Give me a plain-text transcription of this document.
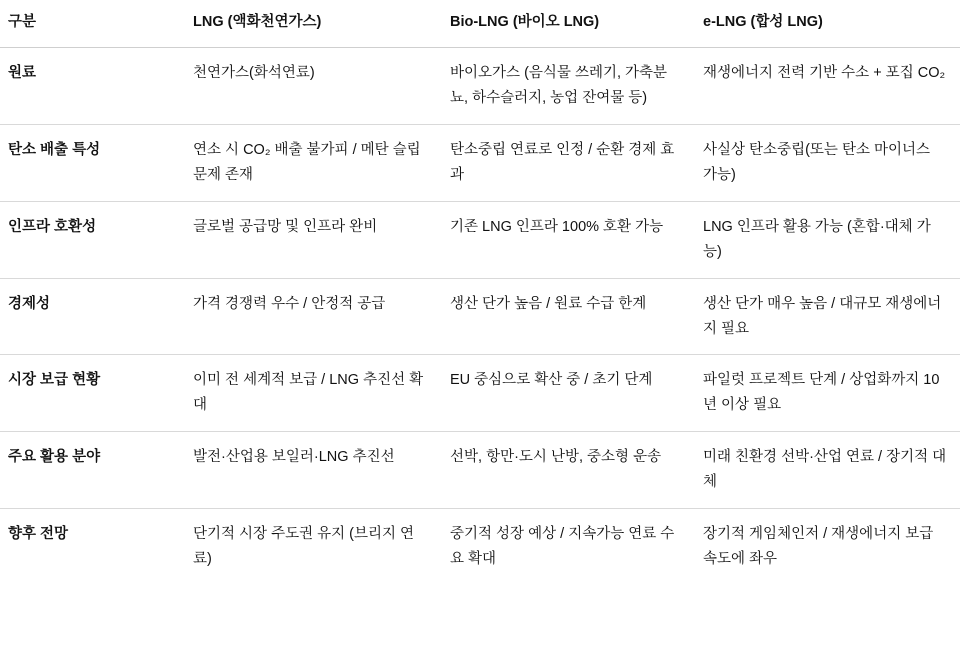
구분	LNG (액화천연가스)	Bio-LNG (바이오 LNG)	e-LNG (합성 LNG)
원료	천연가스(화석연료)	바이오가스 (음식물 쓰레기, 가축분뇨, 하수슬러지, 농업 잔여물 등)	재생에너지 전력 기반 수소 + 포집 CO₂

탄소 배출 특성	연소 시 CO₂ 배출 불가피 / 메탄 슬립 문제 존재	탄소중립 연료로 인정 / 순환 경제 효과	사실상 탄소중립(또는 탄소 마이너스 가능)

인프라 호환성	글로벌 공급망 및 인프라 완비	기존 LNG 인프라 100% 호환 가능	LNG 인프라 활용 가능 (혼합·대체 가능)

경제성	가격 경쟁력 우수 / 안정적 공급	생산 단가 높음 / 원료 수급 한계	생산 단가 매우 높음 / 대규모 재생에너지 필요

시장 보급 현황	이미 전 세계적 보급 / LNG 추진선 확대	EU 중심으로 확산 중 / 초기 단계	파일럿 프로젝트 단계 / 상업화까지 10년 이상 필요

주요 활용 분야	발전·산업용 보일러·LNG 추진선	선박, 항만·도시 난방, 중소형 운송	미래 친환경 선박·산업 연료 / 장기적 대체

향후 전망	단기적 시장 주도권 유지 (브리지 연료)	중기적 성장 예상 / 지속가능 연료 수요 확대	장기적 게임체인저 / 재생에너지 보급 속도에 좌우
